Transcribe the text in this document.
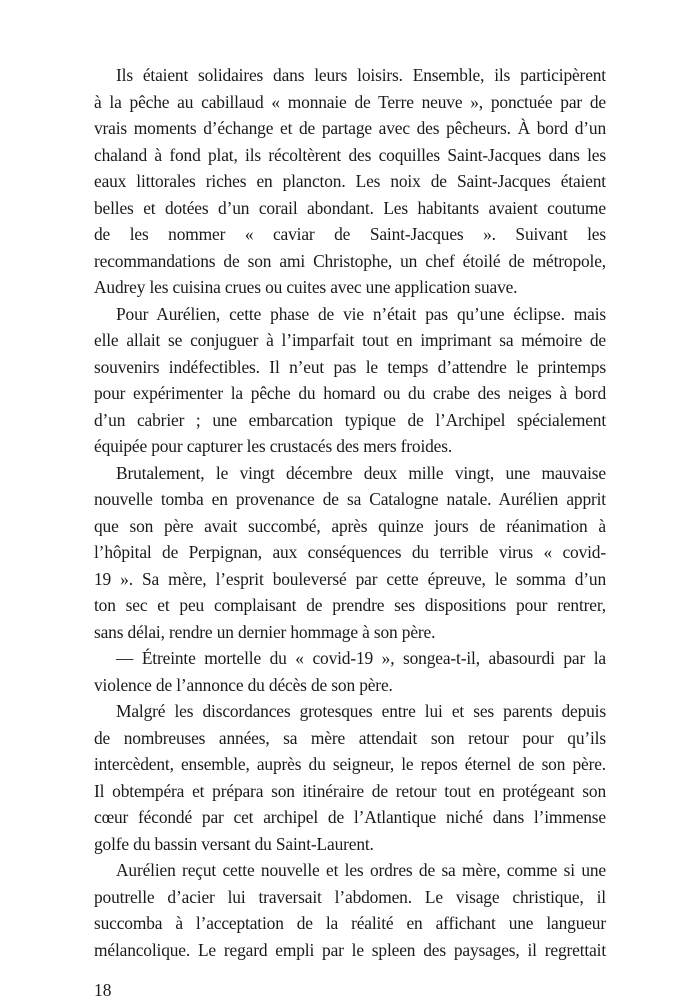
Ils étaient solidaires dans leurs loisirs. Ensemble, ils participèrent
à la pêche au cabillaud « monnaie de Terre neuve », ponctuée par de
vrais moments d’échange et de partage avec des pêcheurs. À bord d’un
chaland à fond plat, ils récoltèrent des coquilles Saint-Jacques dans les
eaux littorales riches en plancton. Les noix de Saint-Jacques étaient
belles et dotées d’un corail abondant. Les habitants avaient coutume
de les nommer « caviar de Saint-Jacques ». Suivant les
recommandations de son ami Christophe, un chef étoilé de métropole,
Audrey les cuisina crues ou cuites avec une application suave.
Pour Aurélien, cette phase de vie n’était pas qu’une éclipse. mais
elle allait se conjuguer à l’imparfait tout en imprimant sa mémoire de
souvenirs indéfectibles. Il n’eut pas le temps d’attendre le printemps
pour expérimenter la pêche du homard ou du crabe des neiges à bord
d’un cabrier ; une embarcation typique de l’Archipel spécialement
équipée pour capturer les crustacés des mers froides.
Brutalement, le vingt décembre deux mille vingt, une mauvaise
nouvelle tomba en provenance de sa Catalogne natale. Aurélien apprit
que son père avait succombé, après quinze jours de réanimation à
l’hôpital de Perpignan, aux conséquences du terrible virus « covid-
19 ». Sa mère, l’esprit bouleversé par cette épreuve, le somma d’un
ton sec et peu complaisant de prendre ses dispositions pour rentrer,
sans délai, rendre un dernier hommage à son père.
— Étreinte mortelle du « covid-19 », songea-t-il, abasourdi par la
violence de l’annonce du décès de son père.
Malgré les discordances grotesques entre lui et ses parents depuis
de nombreuses années, sa mère attendait son retour pour qu’ils
intercèdent, ensemble, auprès du seigneur, le repos éternel de son père.
Il obtempéra et prépara son itinéraire de retour tout en protégeant son
cœur fécondé par cet archipel de l’Atlantique niché dans l’immense
golfe du bassin versant du Saint-Laurent.
Aurélien reçut cette nouvelle et les ordres de sa mère, comme si une
poutrelle d’acier lui traversait l’abdomen. Le visage christique, il
succomba à l’acceptation de la réalité en affichant une langueur
mélancolique. Le regard empli par le spleen des paysages, il regrettait
18
